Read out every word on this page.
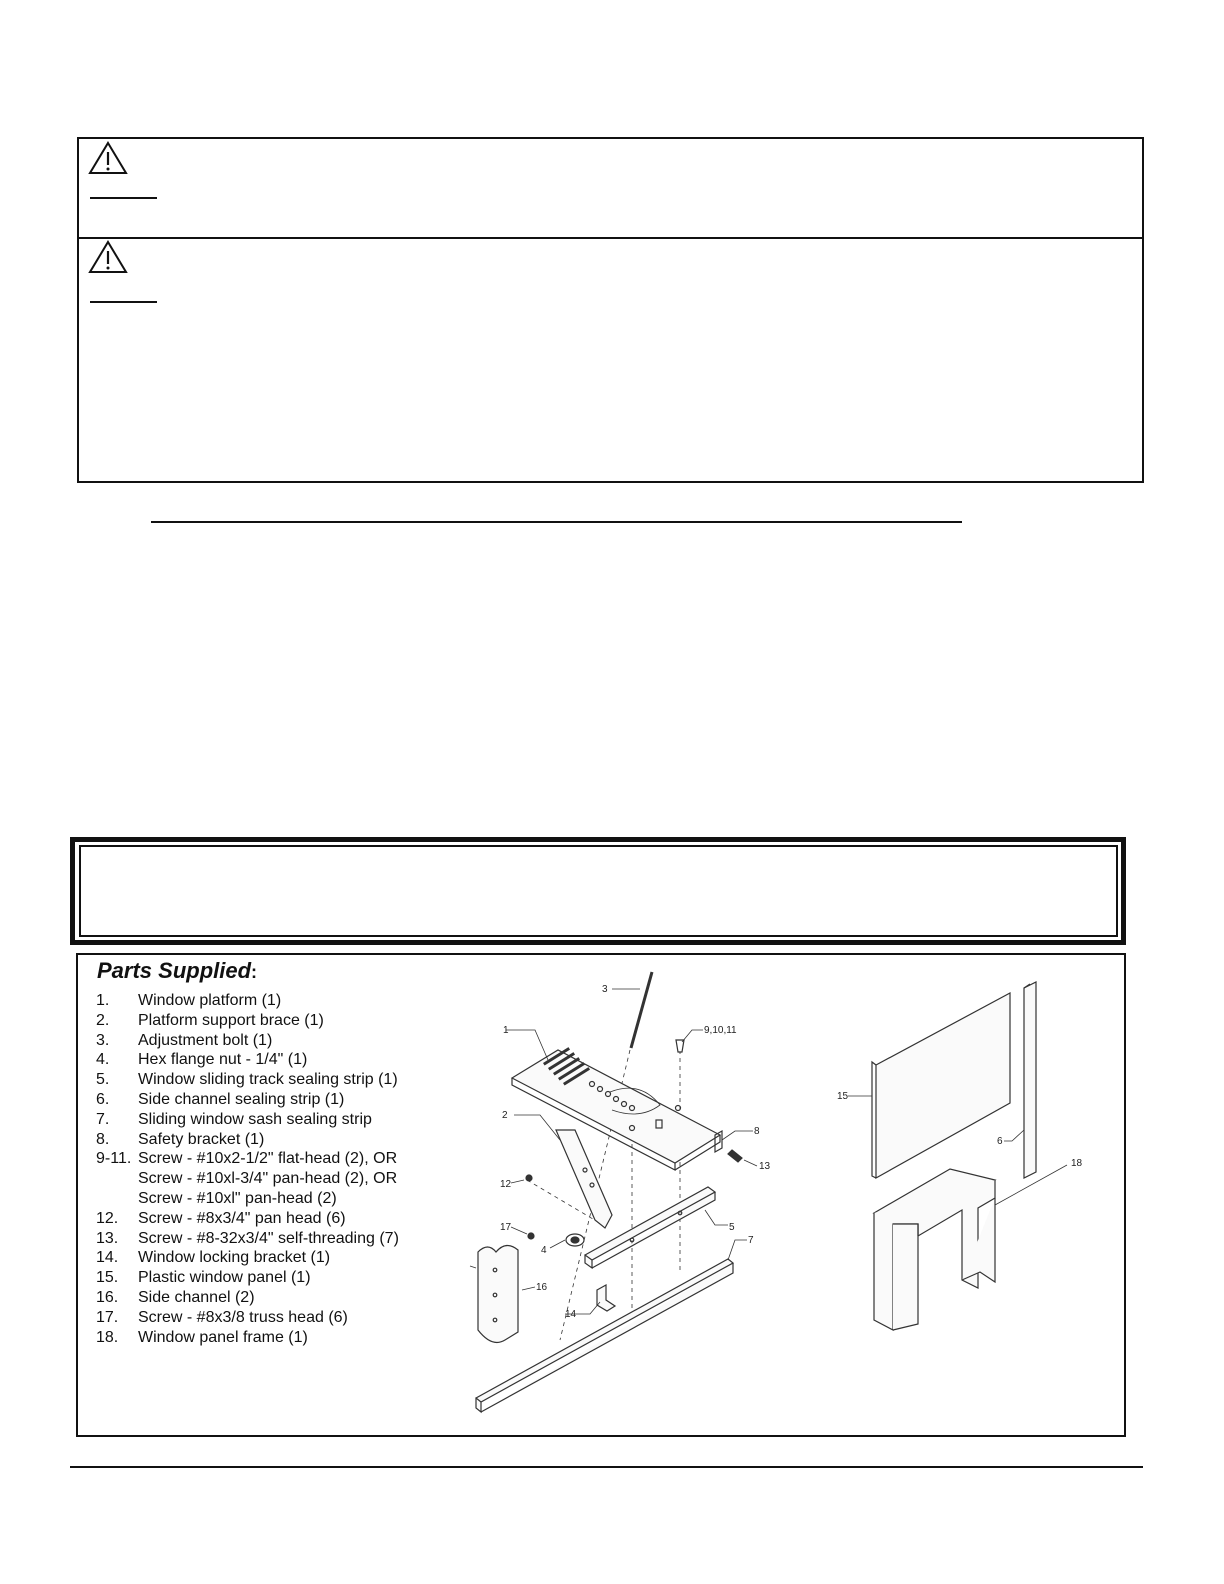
Parts Supplied:
1. Window platform (1)
2. Platform support brace (1)
3. Adjustment bolt (1)
4. Hex flange nut - 1/4" (1)
5. Window sliding track sealing strip (1)
6. Side channel sealing strip (1)
7. Sliding window sash sealing strip
8. Safety bracket (1)
9-11. Screw - #10x2-1/2" flat-head (2), OR
Screw - #10xl-3/4" pan-head (2), OR
Screw - #10xl" pan-head (2)
12. Screw - #8x3/4" pan head (6)
13. Screw - #8-32x3/4" self-threading (7)
14. Window locking bracket (1)
15. Plastic window panel (1)
16. Side channel (2)
17. Screw - #8x3/8 truss head (6)
18. Window panel frame (1)
1
2
3
4
5
6
7
8
9,10,11
12
13
14
15
16
17
18
